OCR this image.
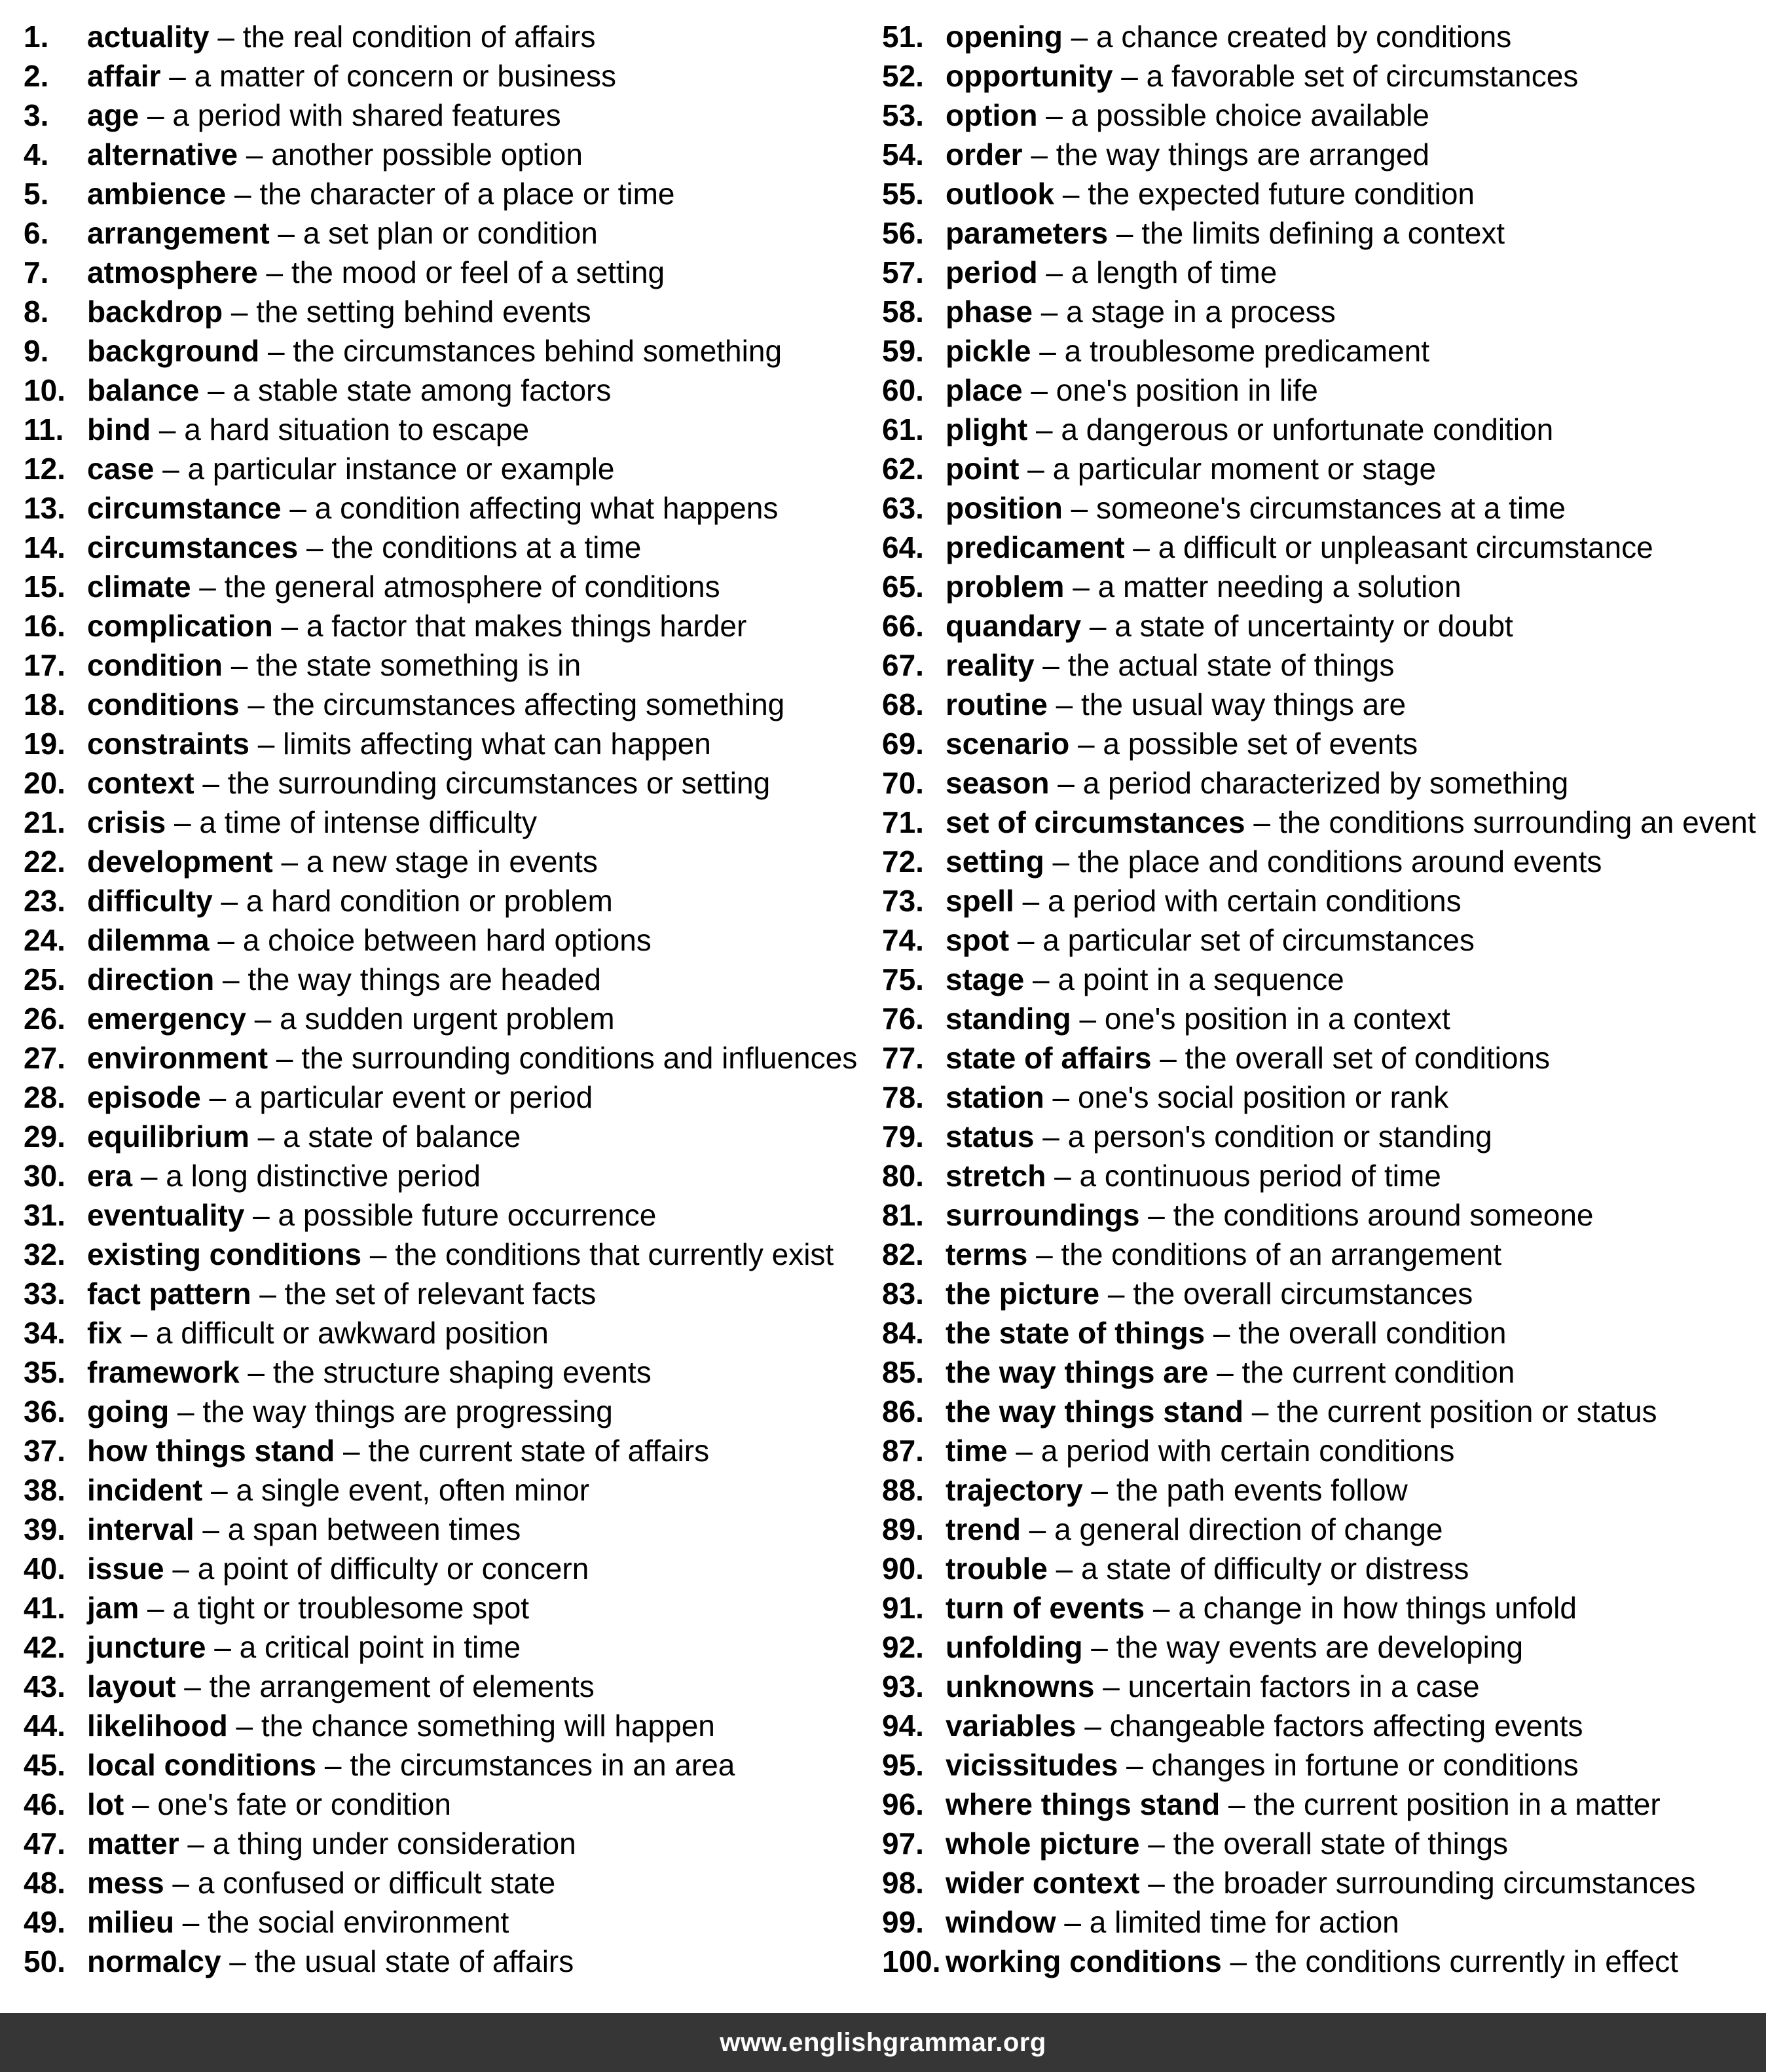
1.	actuality – the real condition of affairs
2.	affair – a matter of concern or business
3.	age – a period with shared features
4.	alternative – another possible option
5.	ambience – the character of a place or time
6.	arrangement – a set plan or condition
7.	atmosphere – the mood or feel of a setting
8.	backdrop – the setting behind events
9.	background – the circumstances behind something
10. balance – a stable state among factors
11. bind – a hard situation to escape
12. case – a particular instance or example
13. circumstance – a condition affecting what happens
14. circumstances – the conditions at a time
15. climate – the general atmosphere of conditions
16. complication – a factor that makes things harder
17. condition – the state something is in
18. conditions – the circumstances affecting something
19. constraints – limits affecting what can happen
20. context – the surrounding circumstances or setting
21. crisis – a time of intense difficulty
22. development – a new stage in events
23. difficulty – a hard condition or problem
24. dilemma – a choice between hard options
25. direction – the way things are headed
26. emergency – a sudden urgent problem
27. environment – the surrounding conditions and influences
28. episode – a particular event or period
29. equilibrium – a state of balance
30. era – a long distinctive period
31. eventuality – a possible future occurrence
32. existing conditions – the conditions that currently exist
33. fact pattern – the set of relevant facts
34. fix – a difficult or awkward position
35. framework – the structure shaping events
36. going – the way things are progressing
37. how things stand – the current state of affairs
38. incident – a single event, often minor
39. interval – a span between times
40. issue – a point of difficulty or concern
41. jam – a tight or troublesome spot
42. juncture – a critical point in time
43. layout – the arrangement of elements
44. likelihood – the chance something will happen
45. local conditions – the circumstances in an area
46. lot – one's fate or condition
47. matter – a thing under consideration
48. mess – a confused or difficult state
49. milieu – the social environment
50. normalcy – the usual state of affairs
51. opening – a chance created by conditions
52. opportunity – a favorable set of circumstances
53. option – a possible choice available
54. order – the way things are arranged
55. outlook – the expected future condition
56. parameters – the limits defining a context
57. period – a length of time
58. phase – a stage in a process
59. pickle – a troublesome predicament
60. place – one's position in life
61. plight – a dangerous or unfortunate condition
62. point – a particular moment or stage
63. position – someone's circumstances at a time
64. predicament – a difficult or unpleasant circumstance
65. problem – a matter needing a solution
66. quandary – a state of uncertainty or doubt
67. reality – the actual state of things
68. routine – the usual way things are
69. scenario – a possible set of events
70. season – a period characterized by something
71. set of circumstances – the conditions surrounding an event
72. setting – the place and conditions around events
73. spell – a period with certain conditions
74. spot – a particular set of circumstances
75. stage – a point in a sequence
76. standing – one's position in a context
77. state of affairs – the overall set of conditions
78. station – one's social position or rank
79. status – a person's condition or standing
80. stretch – a continuous period of time
81. surroundings – the conditions around someone
82. terms – the conditions of an arrangement
83. the picture – the overall circumstances
84. the state of things – the overall condition
85. the way things are – the current condition
86. the way things stand – the current position or status
87. time – a period with certain conditions
88. trajectory – the path events follow
89. trend – a general direction of change
90. trouble – a state of difficulty or distress
91. turn of events – a change in how things unfold
92. unfolding – the way events are developing
93. unknowns – uncertain factors in a case
94. variables – changeable factors affecting events
95. vicissitudes – changes in fortune or conditions
96. where things stand – the current position in a matter
97. whole picture – the overall state of things
98. wider context – the broader surrounding circumstances
99. window – a limited time for action
100. working conditions – the conditions currently in effect
www.englishgrammar.org
